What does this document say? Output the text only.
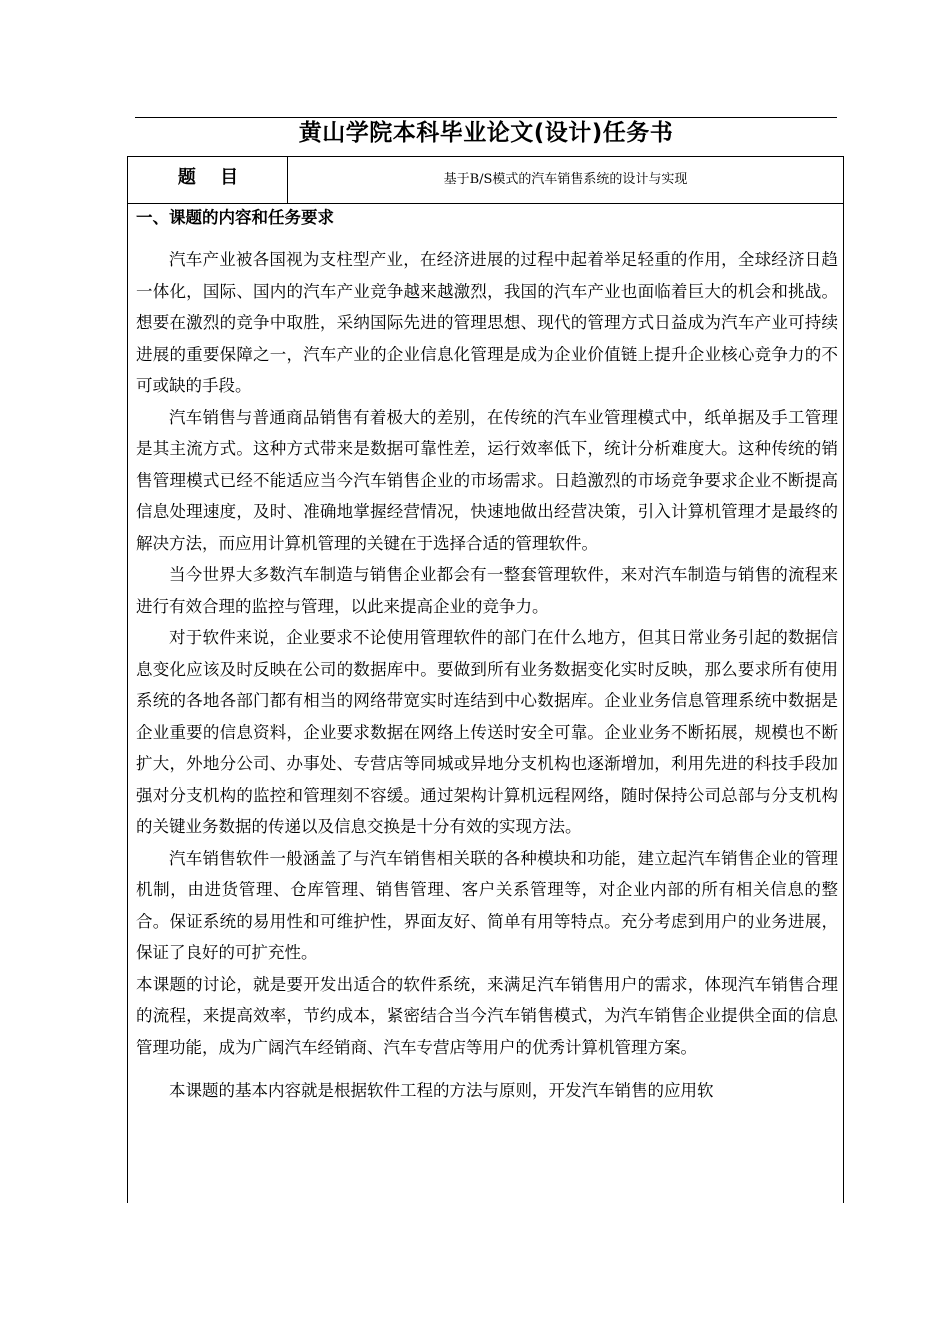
黄山学院本科毕业论文(设计)任务书
题 目	基于B/S模式的汽车销售系统的设计与实现
一、课题的内容和任务要求

汽车产业被各国视为支柱型产业，在经济进展的过程中起着举足轻重的作用，全球经济日趋一体化，国际、国内的汽车产业竞争越来越激烈，我国的汽车产业也面临着巨大的机会和挑战。想要在激烈的竞争中取胜，采纳国际先进的管理思想、现代的管理方式日益成为汽车产业可持续进展的重要保障之一，汽车产业的企业信息化管理是成为企业价值链上提升企业核心竞争力的不可或缺的手段。

汽车销售与普通商品销售有着极大的差别，在传统的汽车业管理模式中，纸单据及手工管理是其主流方式。这种方式带来是数据可靠性差，运行效率低下，统计分析难度大。这种传统的销售管理模式已经不能适应当今汽车销售企业的市场需求。日趋激烈的市场竞争要求企业不断提高信息处理速度，及时、准确地掌握经营情况，快速地做出经营决策，引入计算机管理才是最终的解决方法，而应用计算机管理的关键在于选择合适的管理软件。

当今世界大多数汽车制造与销售企业都会有一整套管理软件，来对汽车制造与销售的流程来进行有效合理的监控与管理，以此来提高企业的竞争力。

对于软件来说，企业要求不论使用管理软件的部门在什么地方，但其日常业务引起的数据信息变化应该及时反映在公司的数据库中。要做到所有业务数据变化实时反映，那么要求所有使用系统的各地各部门都有相当的网络带宽实时连结到中心数据库。企业业务信息管理系统中数据是企业重要的信息资料，企业要求数据在网络上传送时安全可靠。企业业务不断拓展，规模也不断扩大，外地分公司、办事处、专营店等同城或异地分支机构也逐渐增加，利用先进的科技手段加强对分支机构的监控和管理刻不容缓。通过架构计算机远程网络，随时保持公司总部与分支机构的关键业务数据的传递以及信息交换是十分有效的实现方法。

汽车销售软件一般涵盖了与汽车销售相关联的各种模块和功能，建立起汽车销售企业的管理机制，由进货管理、仓库管理、销售管理、客户关系管理等，对企业内部的所有相关信息的整合。保证系统的易用性和可维护性，界面友好、简单有用等特点。充分考虑到用户的业务进展，保证了良好的可扩充性。

本课题的讨论，就是要开发出适合的软件系统，来满足汽车销售用户的需求，体现汽车销售合理的流程，来提高效率，节约成本，紧密结合当今汽车销售模式，为汽车销售企业提供全面的信息管理功能，成为广阔汽车经销商、汽车专营店等用户的优秀计算机管理方案。

本课题的基本内容就是根据软件工程的方法与原则，开发汽车销售的应用软
